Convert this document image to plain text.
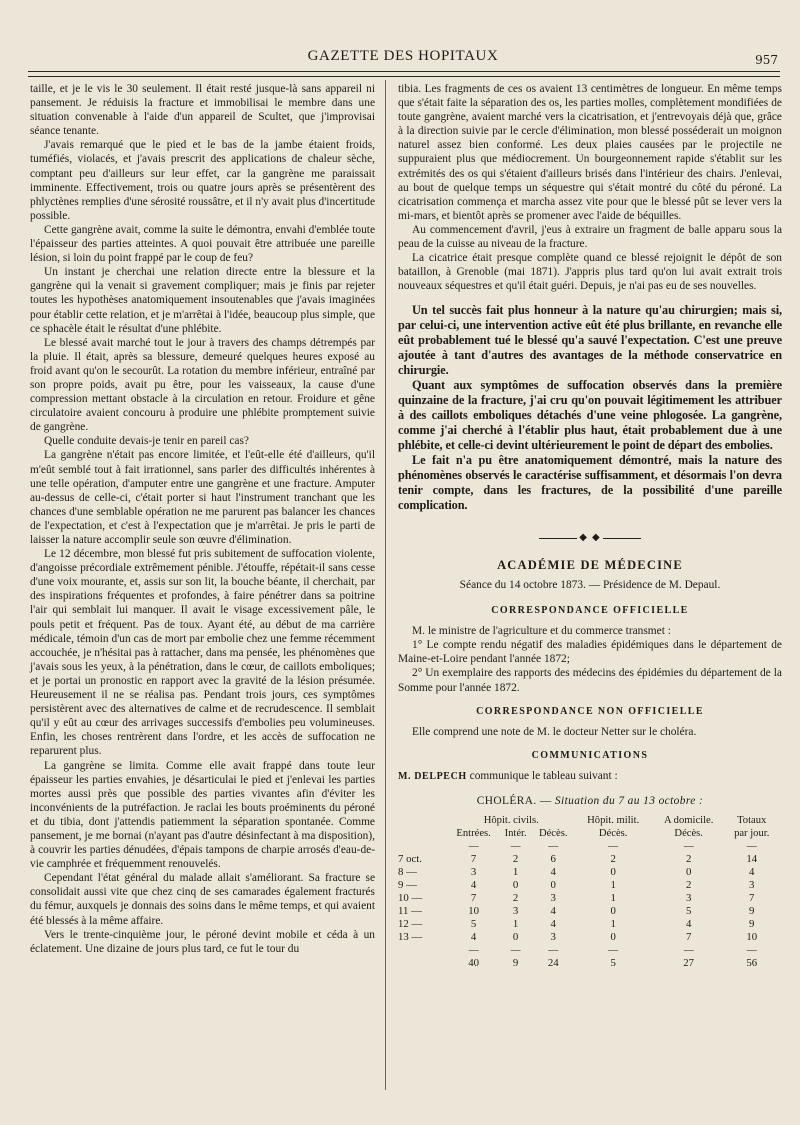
GAZETTE DES HOPITAUX	957

taille, et je le vis le 30 seulement. Il était resté jusque-là sans appareil ni pansement. Je réduisis la fracture et immobilisai le membre dans une situation convenable à l'aide d'un appareil de Scultet, que j'improvisai séance tenante.

J'avais remarqué que le pied et le bas de la jambe étaient froids, tuméfiés, violacés, et j'avais prescrit des applications de chaleur sèche, comptant peu d'ailleurs sur leur effet, car la gangrène me paraissait imminente. Effectivement, trois ou quatre jours après se présentèrent des phlyctènes remplies d'une sérosité roussâtre, et il n'y avait plus d'incertitude possible.

Cette gangrène avait, comme la suite le démontra, envahi d'emblée toute l'épaisseur des parties atteintes. A quoi pouvait être attribuée une pareille lésion, si loin du point frappé par le coup de feu?

Un instant je cherchai une relation directe entre la blessure et la gangrène qui la venait si gravement compliquer; mais je finis par rejeter toutes les hypothèses anatomiquement insoutenables que j'avais imaginées pour établir cette relation, et je m'arrêtai à l'idée, beaucoup plus simple, que ce sphacèle était le résultat d'une phlébite.

Le blessé avait marché tout le jour à travers des champs détrempés par la pluie. Il était, après sa blessure, demeuré quelques heures exposé au froid avant qu'on le secourût. La rotation du membre inférieur, entraîné par son propre poids, avait pu être, pour les vaisseaux, la cause d'une compression mettant obstacle à la circulation en retour. Froidure et gêne circulatoire avaient concouru à produire une phlébite promptement suivie de gangrène.

Quelle conduite devais-je tenir en pareil cas?

La gangrène n'était pas encore limitée, et l'eût-elle été d'ailleurs, qu'il m'eût semblé tout à fait irrationnel, sans parler des difficultés inhérentes à une telle opération, d'amputer entre une gangrène et une fracture. Amputer au-dessus de celle-ci, c'était porter si haut l'instrument tranchant que les chances d'une semblable opération ne me parurent pas balancer les chances de l'expectation, et c'est à l'expectation que je m'arrêtai. Je pris le parti de laisser la nature accomplir seule son œuvre d'élimination.

Le 12 décembre, mon blessé fut pris subitement de suffocation violente, d'angoisse précordiale extrêmement pénible. J'étouffe, répétait-il sans cesse d'une voix mourante, et, assis sur son lit, la bouche béante, il cherchait, par des inspirations fréquentes et profondes, à faire pénétrer dans sa poitrine l'air qui semblait lui manquer. Il avait le visage excessivement pâle, le pouls petit et fréquent. Pas de toux. Ayant été, au début de ma carrière médicale, témoin d'un cas de mort par embolie chez une femme récemment accouchée, je n'hésitai pas à rattacher, dans ma pensée, les phénomènes que j'avais sous les yeux, à la pénétration, dans le cœur, de caillots emboliques; et je portai un pronostic en rapport avec la gravité de la lésion présumée. Heureusement il ne se réalisa pas. Pendant trois jours, ces symptômes persistèrent avec des alternatives de calme et de recrudescence. Il semblait qu'il y eût au cœur des arrivages successifs d'embolies peu volumineuses. Enfin, les choses rentrèrent dans l'ordre, et les accès de suffocation ne reparurent plus.

La gangrène se limita. Comme elle avait frappé dans toute leur épaisseur les parties envahies, je désarticulai le pied et j'enlevai les parties mortes aussi près que possible des parties vivantes afin d'éviter les inconvénients de la putréfaction. Je raclai les bouts proéminents du péroné et du tibia, dont j'attendis patiemment la séparation spontanée. Comme pansement, je me bornai (n'ayant pas d'autre désinfectant à ma disposition), à couvrir les parties dénudées, d'épais tampons de charpie arrosés d'eau-de-vie camphrée et fréquemment renouvelés.

Cependant l'état général du malade allait s'améliorant. Sa fracture se consolidait aussi vite que chez cinq de ses camarades également fracturés du fémur, auxquels je donnais des soins dans le même temps, et qui avaient été blessés à la même affaire.

Vers le trente-cinquième jour, le péroné devint mobile et céda à un éclatement. Une dizaine de jours plus tard, ce fut le tour du

tibia. Les fragments de ces os avaient 13 centimètres de longueur. En même temps que s'était faite la séparation des os, les parties molles, complètement mondifiées de toute gangrène, avaient marché vers la cicatrisation, et j'entrevoyais déjà que, grâce à la direction suivie par le cercle d'élimination, mon blessé posséderait un moignon naturel assez bien conformé. Les deux plaies causées par le projectile ne suppuraient plus que médiocrement. Un bourgeonnement rapide s'établit sur les extrémités des os qui s'étaient d'ailleurs brisés dans l'intérieur des chairs. J'enlevai, au bout de quelque temps un séquestre qui s'était montré du côté du péroné. La cicatrisation commença et marcha assez vite pour que le blessé pût se lever vers la mi-mars, et bientôt après se promener avec l'aide de béquilles.

Au commencement d'avril, j'eus à extraire un fragment de balle apparu sous la peau de la cuisse au niveau de la fracture.

La cicatrice était presque complète quand ce blessé rejoignit le dépôt de son bataillon, à Grenoble (mai 1871). J'appris plus tard qu'on lui avait extrait trois nouveaux séquestres et qu'il était guéri. Depuis, je n'ai pas eu de ses nouvelles.

Un tel succès fait plus honneur à la nature qu'au chirurgien; mais si, par celui-ci, une intervention active eût été plus brillante, en revanche elle eût probablement tué le blessé qu'a sauvé l'expectation. C'est une preuve ajoutée à tant d'autres des avantages de la méthode conservatrice en chirurgie.

Quant aux symptômes de suffocation observés dans la première quinzaine de la fracture, j'ai cru qu'on pouvait légitimement les attribuer à des caillots emboliques détachés d'une veine phlogosée. La gangrène, comme j'ai cherché à l'établir plus haut, était probablement due à une phlébite, et celle-ci devint ultérieurement le point de départ des embolies.

Le fait n'a pu être anatomiquement démontré, mais la nature des phénomènes observés le caractérise suffisamment, et désormais l'on devra tenir compte, dans les fractures, de la possibilité d'une pareille complication.

◆ ◆
ACADÉMIE DE MÉDECINE
Séance du 14 octobre 1873. — Présidence de M. Depaul.
CORRESPONDANCE OFFICIELLE

M. le ministre de l'agriculture et du commerce transmet :

1° Le compte rendu négatif des maladies épidémiques dans le département de Maine-et-Loire pendant l'année 1872;

2° Un exemplaire des rapports des médecins des épidémies du département de la Somme pour l'année 1872.

CORRESPONDANCE NON OFFICIELLE

Elle comprend une note de M. le docteur Netter sur le choléra.

COMMUNICATIONS

M. DELPECH communique le tableau suivant :

CHOLÉRA. — Situation du 7 au 13 octobre :
	Hôpit. civils.			Hôpit. milit.	A domicile.	Totaux
	Entrées.	Intér.	Décès.	Décès.	Décès.	par jour.
	—	—	—	—	—	—
7 oct.	7	2	6	2	2	14
8 —	3	1	4	0	0	4
9 —	4	0	0	1	2	3
10 —	7	2	3	1	3	7
11 —	10	3	4	0	5	9
12 —	5	1	4	1	4	9
13 —	4	0	3	0	7	10
	—	—	—	—	—	—
	40	9	24	5	27	56
